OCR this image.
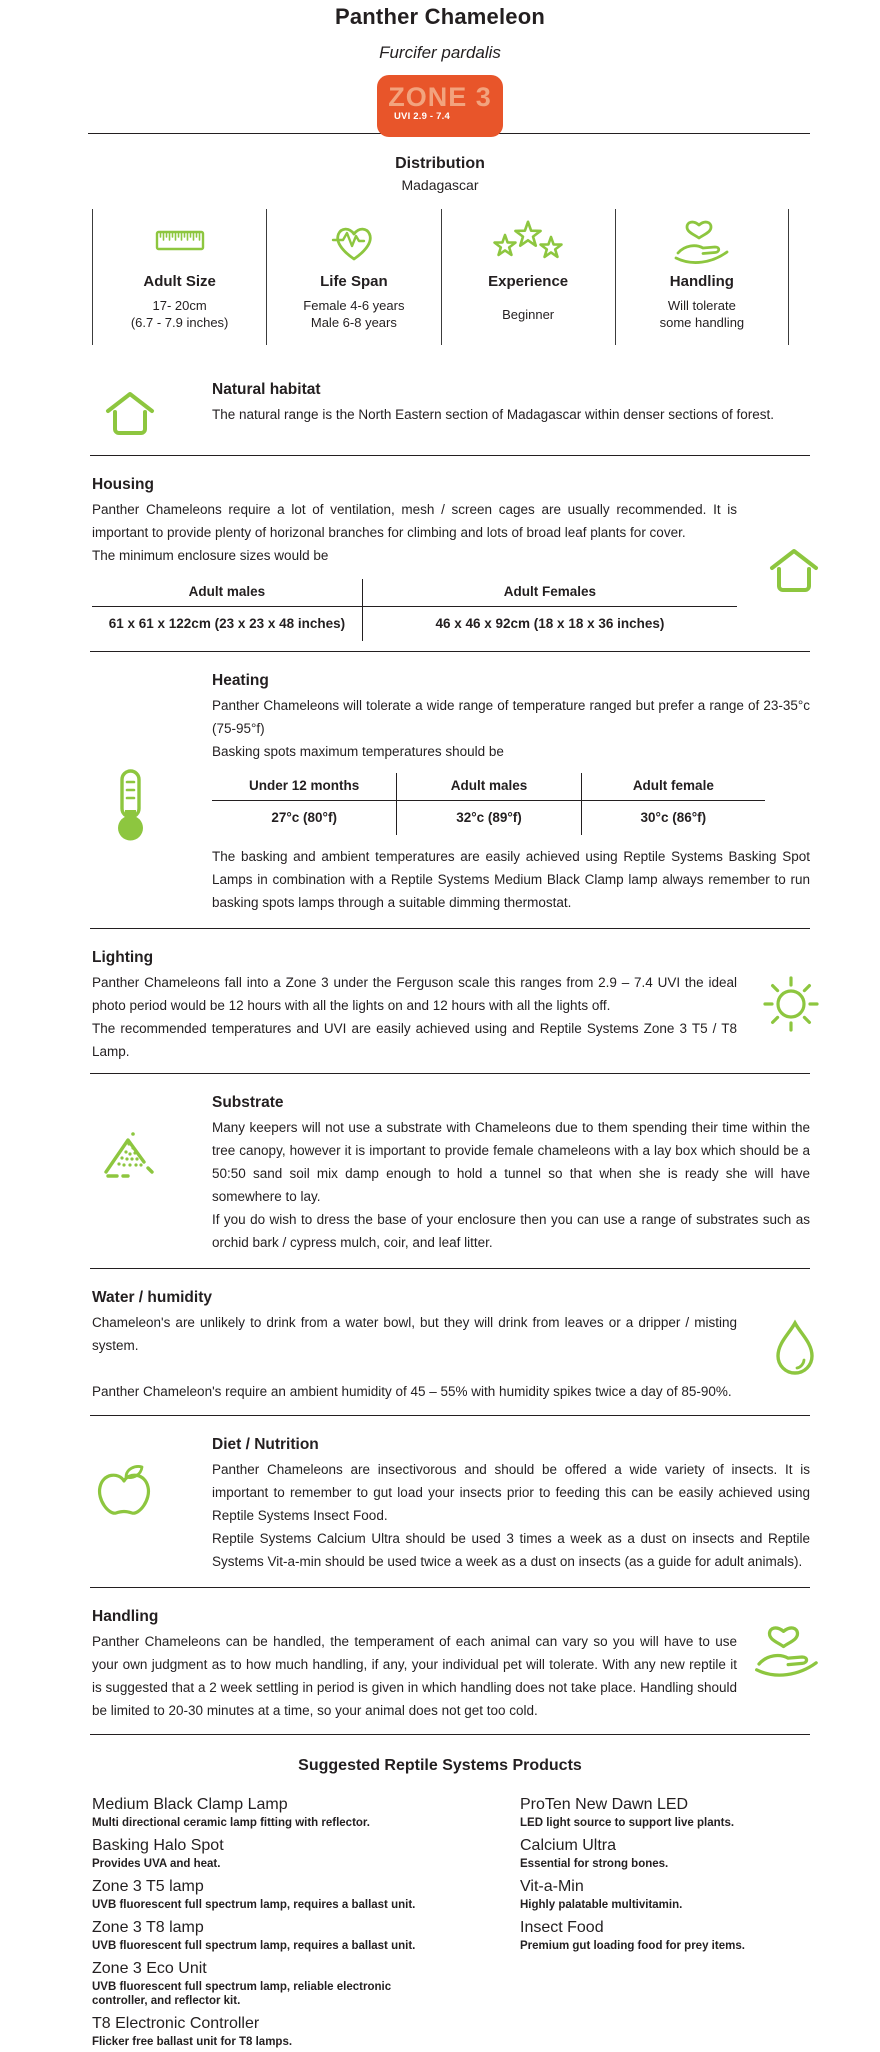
Panther Chameleon
Furcifer pardalis
ZONE 3
UVI 2.9 - 7.4
Distribution
Madagascar
Adult Size
17- 20cm
(6.7 - 7.9 inches)
Life Span
Female 4-6 years
Male 6-8 years
Experience
Beginner
Handling
Will tolerate
some handling
Natural habitat

The natural range is the North Eastern section of Madagascar within denser sections of forest.

Housing

Panther Chameleons require a lot of ventilation, mesh / screen cages are usually recommended. It is important to provide plenty of horizonal branches for climbing and lots of broad leaf plants for cover.

The minimum enclosure sizes would be

Adult males	Adult Females
61 x 61 x 122cm (23 x 23 x 48 inches)	46 x 46 x 92cm (18 x 18 x 36 inches)
Heating

Panther Chameleons will tolerate a wide range of temperature ranged but prefer a range of 23-35°c (75-95°f)

Basking spots maximum temperatures should be

Under 12 months	Adult males	Adult female
27°c (80°f)	32°c (89°f)	30°c (86°f)

The basking and ambient temperatures are easily achieved using Reptile Systems Basking Spot Lamps in combination with a Reptile Systems Medium Black Clamp lamp always remember to run basking spots lamps through a suitable dimming thermostat.

Lighting

Panther Chameleons fall into a Zone 3 under the Ferguson scale this ranges from 2.9 – 7.4 UVI the ideal photo period would be 12 hours with all the lights on and 12 hours with all the lights off.

The recommended temperatures and UVI are easily achieved using and Reptile Systems Zone 3 T5 / T8 Lamp.

Substrate

Many keepers will not use a substrate with Chameleons due to them spending their time within the tree canopy, however it is important to provide female chameleons with a lay box which should be a 50:50 sand soil mix damp enough to hold a tunnel so that when she is ready she will have somewhere to lay.

If you do wish to dress the base of your enclosure then you can use a range of substrates such as orchid bark / cypress mulch, coir, and leaf litter.

Water / humidity

Chameleon's are unlikely to drink from a water bowl, but they will drink from leaves or a dripper / misting system.

Panther Chameleon's require an ambient humidity of 45 – 55% with humidity spikes twice a day of 85-90%.

Diet / Nutrition

Panther Chameleons are insectivorous and should be offered a wide variety of insects. It is important to remember to gut load your insects prior to feeding this can be easily achieved using Reptile Systems Insect Food.

Reptile Systems Calcium Ultra should be used 3 times a week as a dust on insects and Reptile Systems Vit-a-min should be used twice a week as a dust on insects (as a guide for adult animals).

Handling

Panther Chameleons can be handled, the temperament of each animal can vary so you will have to use your own judgment as to how much handling, if any, your individual pet will tolerate. With any new reptile it is suggested that a 2 week settling in period is given in which handling does not take place. Handling should be limited to 20-30 minutes at a time, so your animal does not get too cold.

Suggested Reptile Systems Products
Medium Black Clamp Lamp
Multi directional ceramic lamp fitting with reflector.
Basking Halo Spot
Provides UVA and heat.
Zone 3 T5 lamp
UVB fluorescent full spectrum lamp, requires a ballast unit.
Zone 3 T8 lamp
UVB fluorescent full spectrum lamp, requires a ballast unit.
Zone 3 Eco Unit
UVB fluorescent full spectrum lamp, reliable electronic controller, and reflector kit.
T8 Electronic Controller
Flicker free ballast unit for T8 lamps.
ProTen New Dawn LED
LED light source to support live plants.
Calcium Ultra
Essential for strong bones.
Vit-a-Min
Highly palatable multivitamin.
Insect Food
Premium gut loading food for prey items.
